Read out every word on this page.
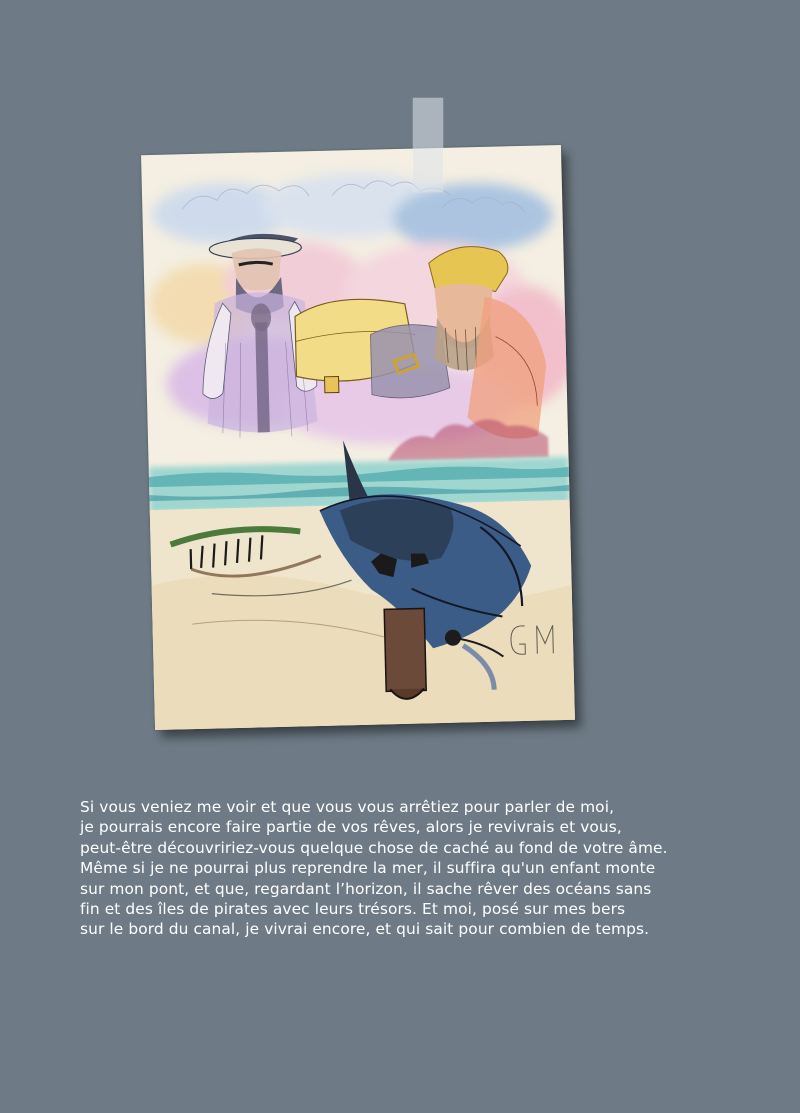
Si vous veniez me voir et que vous vous arrêtiez pour parler de moi,
je pourrais encore faire partie de vos rêves, alors je revivrais et vous,
peut-être découvririez-vous quelque chose de caché au fond de votre âme.
Même si je ne pourrai plus reprendre la mer, il suffira qu'un enfant monte
sur mon pont, et que, regardant l’horizon, il sache rêver des océans sans
fin et des îles de pirates avec leurs trésors. Et moi, posé sur mes bers
sur le bord du canal, je vivrai encore, et qui sait pour combien de temps.
